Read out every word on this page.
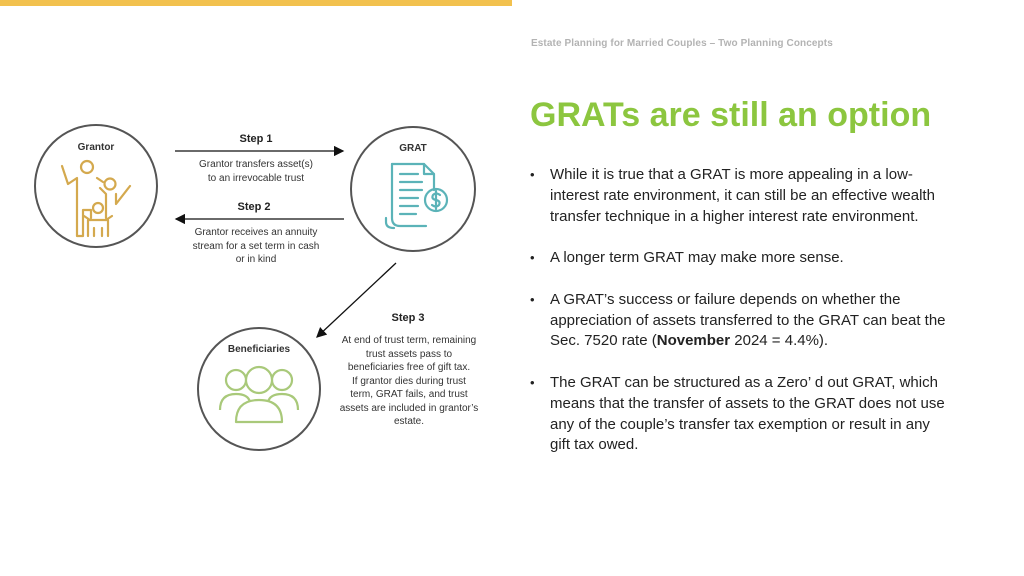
Estate Planning for Married Couples – Two Planning Concepts
GRATs are still an option
• While it is true that a GRAT is more appealing in a low-interest rate environment, it can still be an effective wealth transfer technique in a higher interest rate environment.
• A longer term GRAT may make more sense.
• A GRAT’s success or failure depends on whether the appreciation of assets transferred to the GRAT can beat the Sec. 7520 rate (November 2024 = 4.4%).
• The GRAT can be structured as a Zero’ d out GRAT, which means that the transfer of assets to the GRAT does not use any of the couple’s transfer tax exemption or result in any gift tax owed.
Grantor	GRAT
Beneficiaries
Step 1
Grantor transfers asset(s)
to an irrevocable trust
Step 2
Grantor receives an annuity
stream for a set term in cash
or in kind
Step 3
At end of trust term, remaining
trust assets pass to
beneficiaries free of gift tax.
If grantor dies during trust
term, GRAT fails, and trust
assets are included in grantor’s
estate.
